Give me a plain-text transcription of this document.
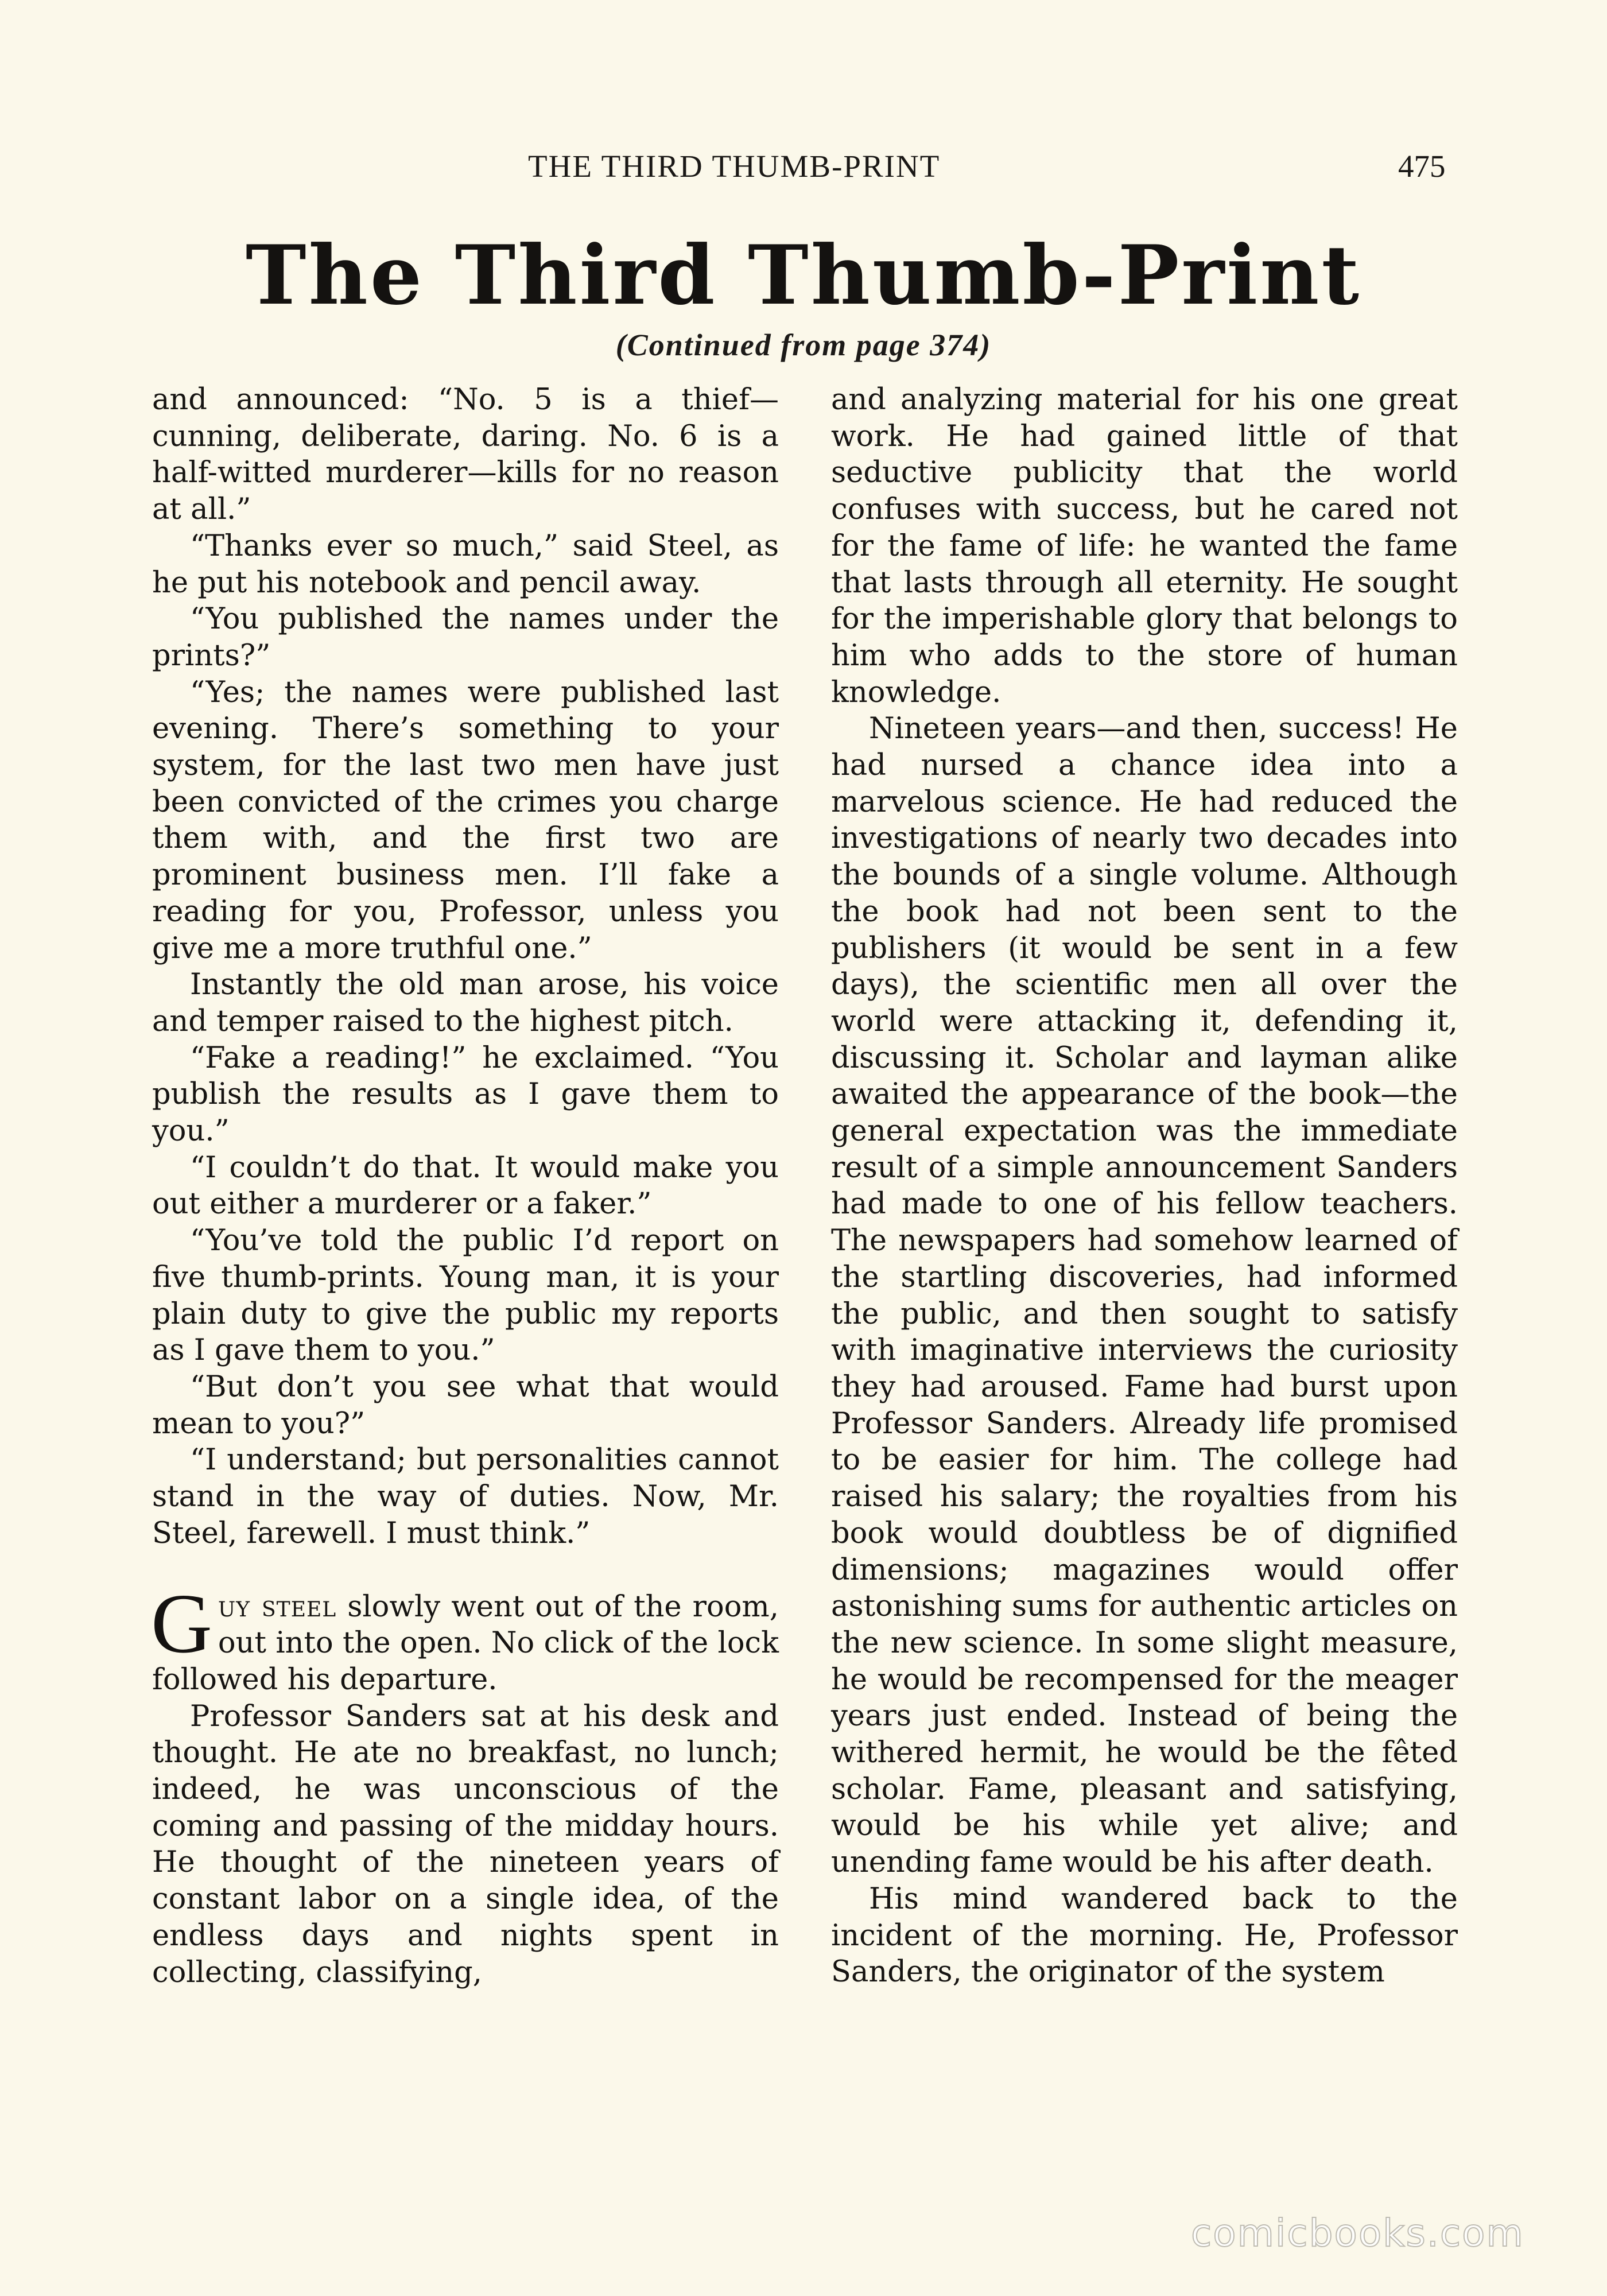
THE THIRD THUMB-PRINT	475
The Third Thumb-Print
(Continued from page 374)

and announced: “No. 5 is a thief—cunning, deliberate, daring. No. 6 is a half-witted murderer—kills for no reason at all.”

“Thanks ever so much,” said Steel, as he put his notebook and pencil away.

“You published the names under the prints?”

“Yes; the names were published last evening. There’s something to your system, for the last two men have just been convicted of the crimes you charge them with, and the first two are prominent business men. I’ll fake a reading for you, Professor, unless you give me a more truthful one.”

Instantly the old man arose, his voice and temper raised to the highest pitch.

“Fake a reading!” he exclaimed. “You publish the results as I gave them to you.”

“I couldn’t do that. It would make you out either a murderer or a faker.”

“You’ve told the public I’d report on five thumb-prints. Young man, it is your plain duty to give the public my reports as I gave them to you.”

“But don’t you see what that would mean to you?”

“I understand; but personalities cannot stand in the way of duties. Now, Mr. Steel, farewell. I must think.”

Guy steel slowly went out of the room, out into the open. No click of the lock followed his departure.

Professor Sanders sat at his desk and thought. He ate no breakfast, no lunch; indeed, he was unconscious of the coming and passing of the midday hours. He thought of the nineteen years of constant labor on a single idea, of the endless days and nights spent in collecting, classifying,

and analyzing material for his one great work. He had gained little of that seductive publicity that the world confuses with success, but he cared not for the fame of life: he wanted the fame that lasts through all eternity. He sought for the imperishable glory that belongs to him who adds to the store of human knowledge.

Nineteen years—and then, success! He had nursed a chance idea into a marvelous science. He had reduced the investigations of nearly two decades into the bounds of a single volume. Although the book had not been sent to the publishers (it would be sent in a few days), the scientific men all over the world were attacking it, defending it, discussing it. Scholar and layman alike awaited the appearance of the book—the general expectation was the immediate result of a simple announcement Sanders had made to one of his fellow teachers. The newspapers had somehow learned of the startling discoveries, had informed the public, and then sought to satisfy with imaginative interviews the curiosity they had aroused. Fame had burst upon Professor Sanders. Already life promised to be easier for him. The college had raised his salary; the royalties from his book would doubtless be of dignified dimensions; magazines would offer astonishing sums for authentic articles on the new science. In some slight measure, he would be recompensed for the meager years just ended. Instead of being the withered hermit, he would be the fêted scholar. Fame, pleasant and satisfying, would be his while yet alive; and unending fame would be his after death.

His mind wandered back to the incident of the morning. He, Professor Sanders, the originator of the system

comicbooks.com
